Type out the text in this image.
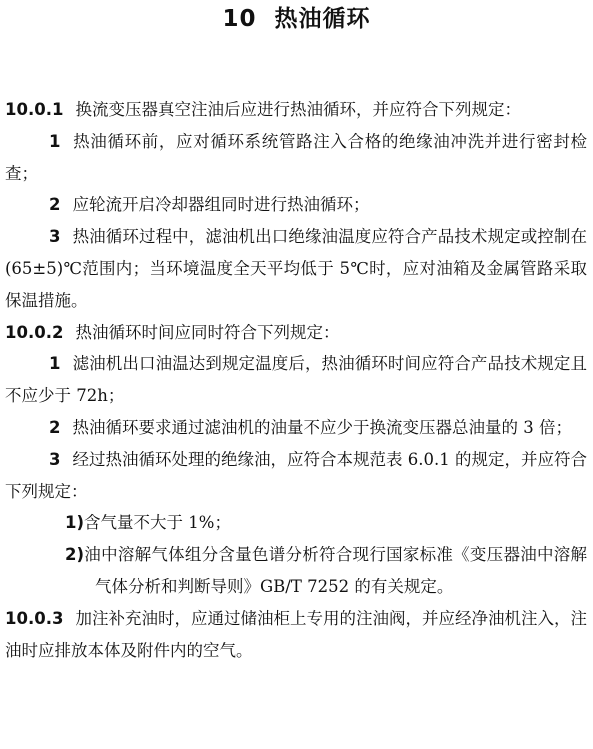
10 热油循环

10.0.1 换流变压器真空注油后应进行热油循环，并应符合下列规定：

1 热油循环前，应对循环系统管路注入合格的绝缘油冲洗并进行密封检查；

2 应轮流开启冷却器组同时进行热油循环；

3 热油循环过程中，滤油机出口绝缘油温度应符合产品技术规定或控制在(65±5)℃范围内；当环境温度全天平均低于 5℃时，应对油箱及金属管路采取保温措施。

10.0.2 热油循环时间应同时符合下列规定：

1 滤油机出口油温达到规定温度后，热油循环时间应符合产品技术规定且不应少于 72h；

2 热油循环要求通过滤油机的油量不应少于换流变压器总油量的 3 倍；

3 经过热油循环处理的绝缘油，应符合本规范表 6.0.1 的规定，并应符合下列规定：

1)含气量不大于 1%；

2)油中溶解气体组分含量色谱分析符合现行国家标准《变压器油中溶解气体分析和判断导则》GB/T 7252 的有关规定。

10.0.3 加注补充油时，应通过储油柜上专用的注油阀，并应经净油机注入，注油时应排放本体及附件内的空气。
